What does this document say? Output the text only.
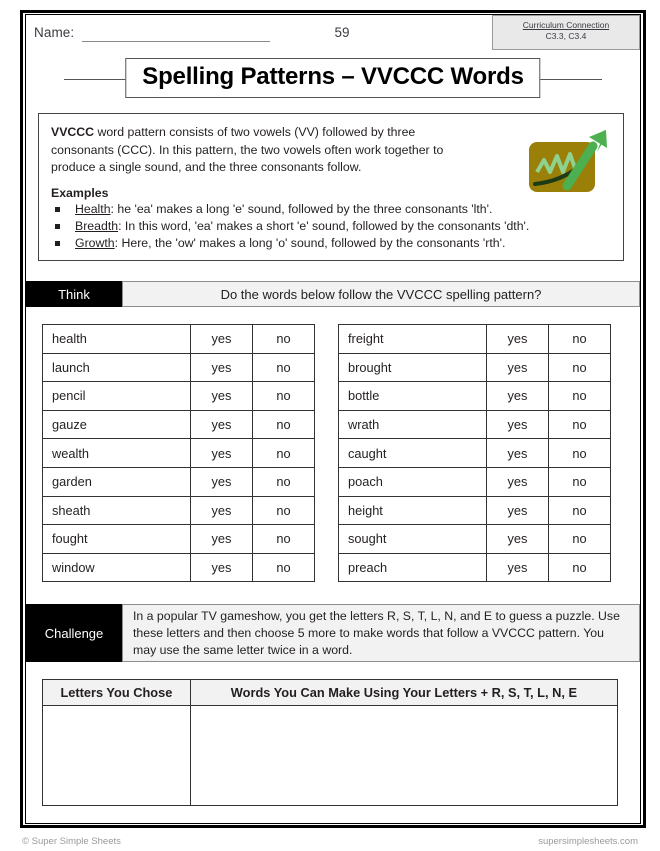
Name:	59	Curriculum Connection
C3.3, C3.4
Spelling Patterns – VVCCC Words

VVCCC word pattern consists of two vowels (VV) followed by three consonants (CCC). In this pattern, the two vowels often work together to produce a single sound, and the three consonants follow.

Examples
Health: he 'ea' makes a long 'e' sound, followed by the three consonants 'lth'.
Breadth: In this word, 'ea' makes a short 'e' sound, followed by the consonants 'dth'.
Growth: Here, the 'ow' makes a long 'o' sound, followed by the consonants 'rth'.
Think	Do the words below follow the VVCCC spelling pattern?
health	yes	no
launch	yes	no
pencil	yes	no
gauze	yes	no
wealth	yes	no
garden	yes	no
sheath	yes	no
fought	yes	no
window	yes	no
freight	yes	no
brought	yes	no
bottle	yes	no
wrath	yes	no
caught	yes	no
poach	yes	no
height	yes	no
sought	yes	no
preach	yes	no
Challenge
In a popular TV gameshow, you get the letters R, S, T, L, N, and E to guess a puzzle. Use these letters and then choose 5 more to make words that follow a VVCCC pattern. You may use the same letter twice in a word.
Letters You Chose	Words You Can Make Using Your Letters + R, S, T, L, N, E

© Super Simple Sheets	supersimplesheets.com
